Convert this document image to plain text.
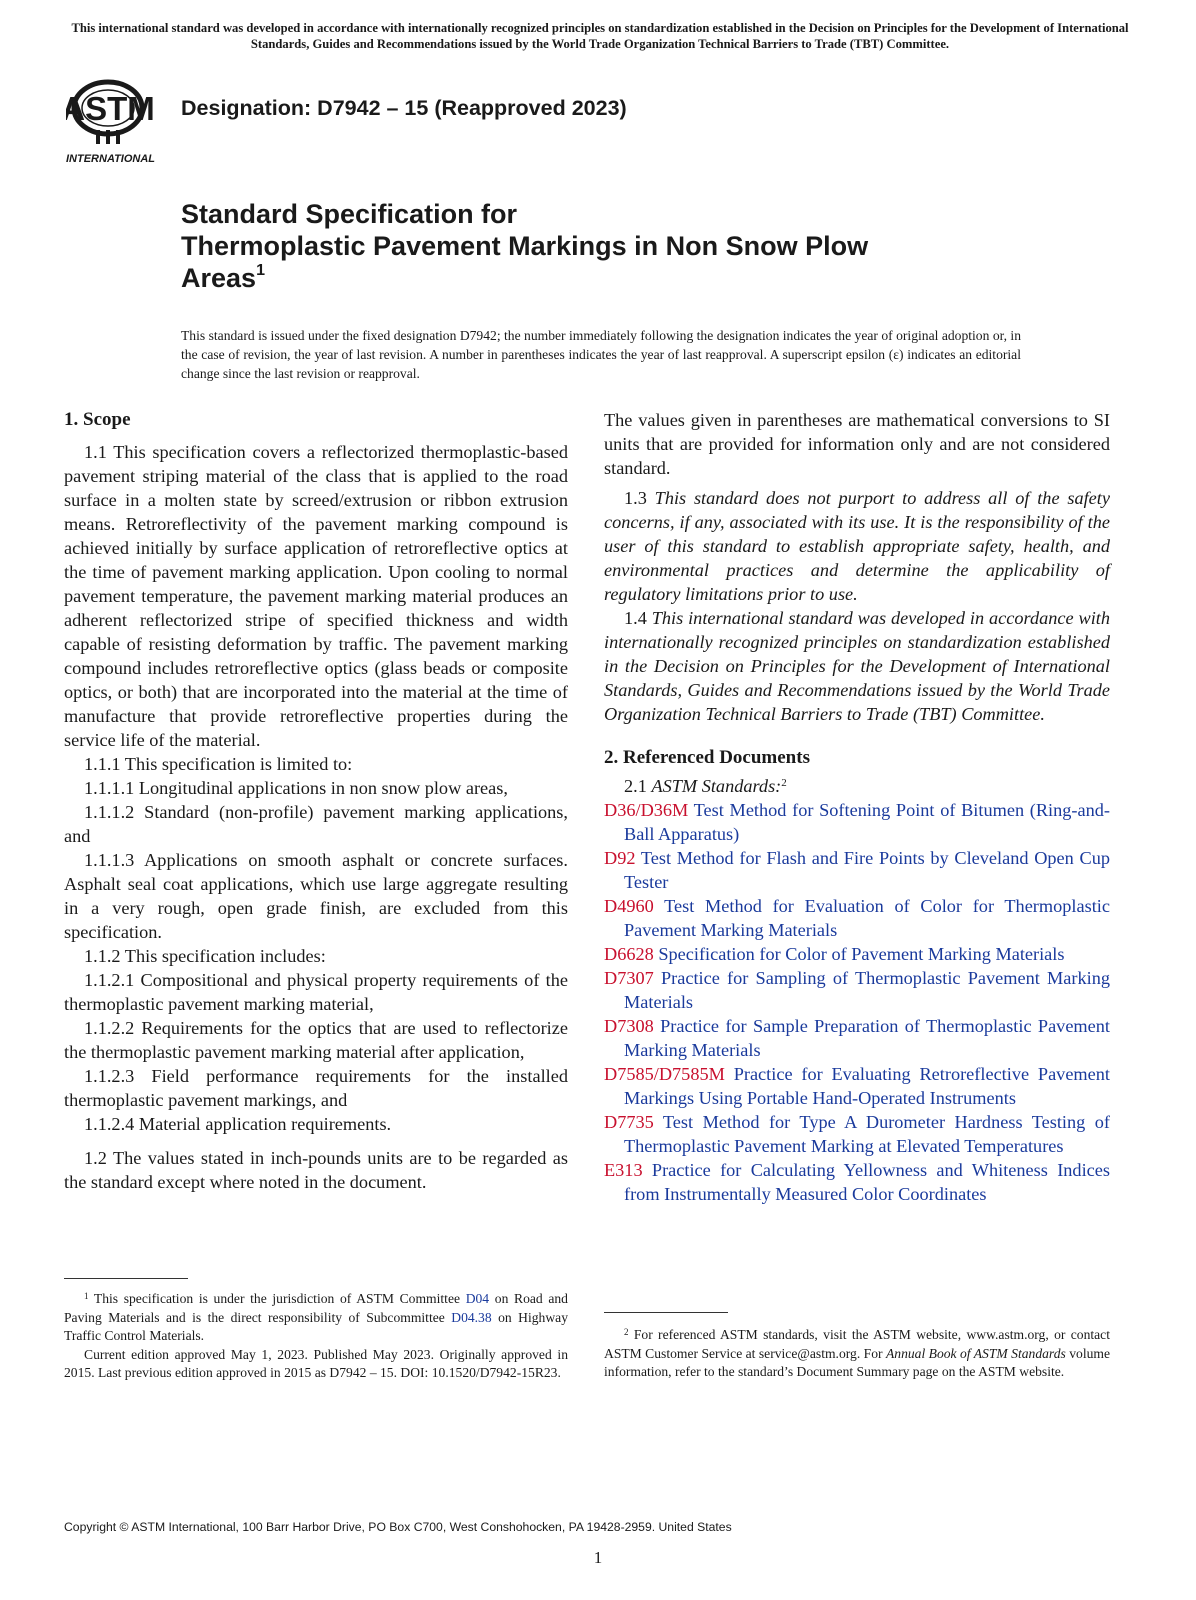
This international standard was developed in accordance with internationally recognized principles on standardization established in the Decision on Principles for the Development of International Standards, Guides and Recommendations issued by the World Trade Organization Technical Barriers to Trade (TBT) Committee.
ASTM
INTERNATIONAL
Designation: D7942 – 15 (Reapproved 2023)
Standard Specification for
Thermoplastic Pavement Markings in Non Snow Plow
Areas$^1$
This standard is issued under the fixed designation D7942; the number immediately following the designation indicates the year of original adoption or, in the case of revision, the year of last revision. A number in parentheses indicates the year of last reapproval. A superscript epsilon (ε) indicates an editorial change since the last revision or reapproval.

1. Scope

1.1 This specification covers a reflectorized thermoplastic-based pavement striping material of the class that is applied to the road surface in a molten state by screed/extrusion or ribbon extrusion means. Retroreflectivity of the pavement marking compound is achieved initially by surface application of retroreflective optics at the time of pavement marking application. Upon cooling to normal pavement temperature, the pavement marking material produces an adherent reflectorized stripe of specified thickness and width capable of resisting deformation by traffic. The pavement marking compound includes retroreflective optics (glass beads or composite optics, or both) that are incorporated into the material at the time of manufacture that provide retroreflective properties during the service life of the material.

1.1.1 This specification is limited to:

1.1.1.1 Longitudinal applications in non snow plow areas,

1.1.1.2 Standard (non-profile) pavement marking applications, and

1.1.1.3 Applications on smooth asphalt or concrete surfaces. Asphalt seal coat applications, which use large aggregate resulting in a very rough, open grade finish, are excluded from this specification.

1.1.2 This specification includes:

1.1.2.1 Compositional and physical property requirements of the thermoplastic pavement marking material,

1.1.2.2 Requirements for the optics that are used to reflectorize the thermoplastic pavement marking material after application,

1.1.2.3 Field performance requirements for the installed thermoplastic pavement markings, and

1.1.2.4 Material application requirements.

1.2 The values stated in inch-pounds units are to be regarded as the standard except where noted in the document.

The values given in parentheses are mathematical conversions to SI units that are provided for information only and are not considered standard.

1.3 This standard does not purport to address all of the safety concerns, if any, associated with its use. It is the responsibility of the user of this standard to establish appropriate safety, health, and environmental practices and determine the applicability of regulatory limitations prior to use.

1.4 This international standard was developed in accordance with internationally recognized principles on standardization established in the Decision on Principles for the Development of International Standards, Guides and Recommendations issued by the World Trade Organization Technical Barriers to Trade (TBT) Committee.

2. Referenced Documents

2.1 ASTM Standards:$^2$

D36/D36M Test Method for Softening Point of Bitumen (Ring-and-Ball Apparatus)

D92 Test Method for Flash and Fire Points by Cleveland Open Cup Tester

D4960 Test Method for Evaluation of Color for Thermoplastic Pavement Marking Materials

D6628 Specification for Color of Pavement Marking Materials

D7307 Practice for Sampling of Thermoplastic Pavement Marking Materials

D7308 Practice for Sample Preparation of Thermoplastic Pavement Marking Materials

D7585/D7585M Practice for Evaluating Retroreflective Pavement Markings Using Portable Hand-Operated Instruments

D7735 Test Method for Type A Durometer Hardness Testing of Thermoplastic Pavement Marking at Elevated Temperatures

E313 Practice for Calculating Yellowness and Whiteness Indices from Instrumentally Measured Color Coordinates

$^1$ This specification is under the jurisdiction of ASTM Committee D04 on Road and Paving Materials and is the direct responsibility of Subcommittee D04.38 on Highway Traffic Control Materials.

Current edition approved May 1, 2023. Published May 2023. Originally approved in 2015. Last previous edition approved in 2015 as D7942 – 15. DOI: 10.1520/D7942-15R23.

$^2$ For referenced ASTM standards, visit the ASTM website, www.astm.org, or contact ASTM Customer Service at service@astm.org. For Annual Book of ASTM Standards volume information, refer to the standard’s Document Summary page on the ASTM website.

Copyright © ASTM International, 100 Barr Harbor Drive, PO Box C700, West Conshohocken, PA 19428-2959. United States
1
